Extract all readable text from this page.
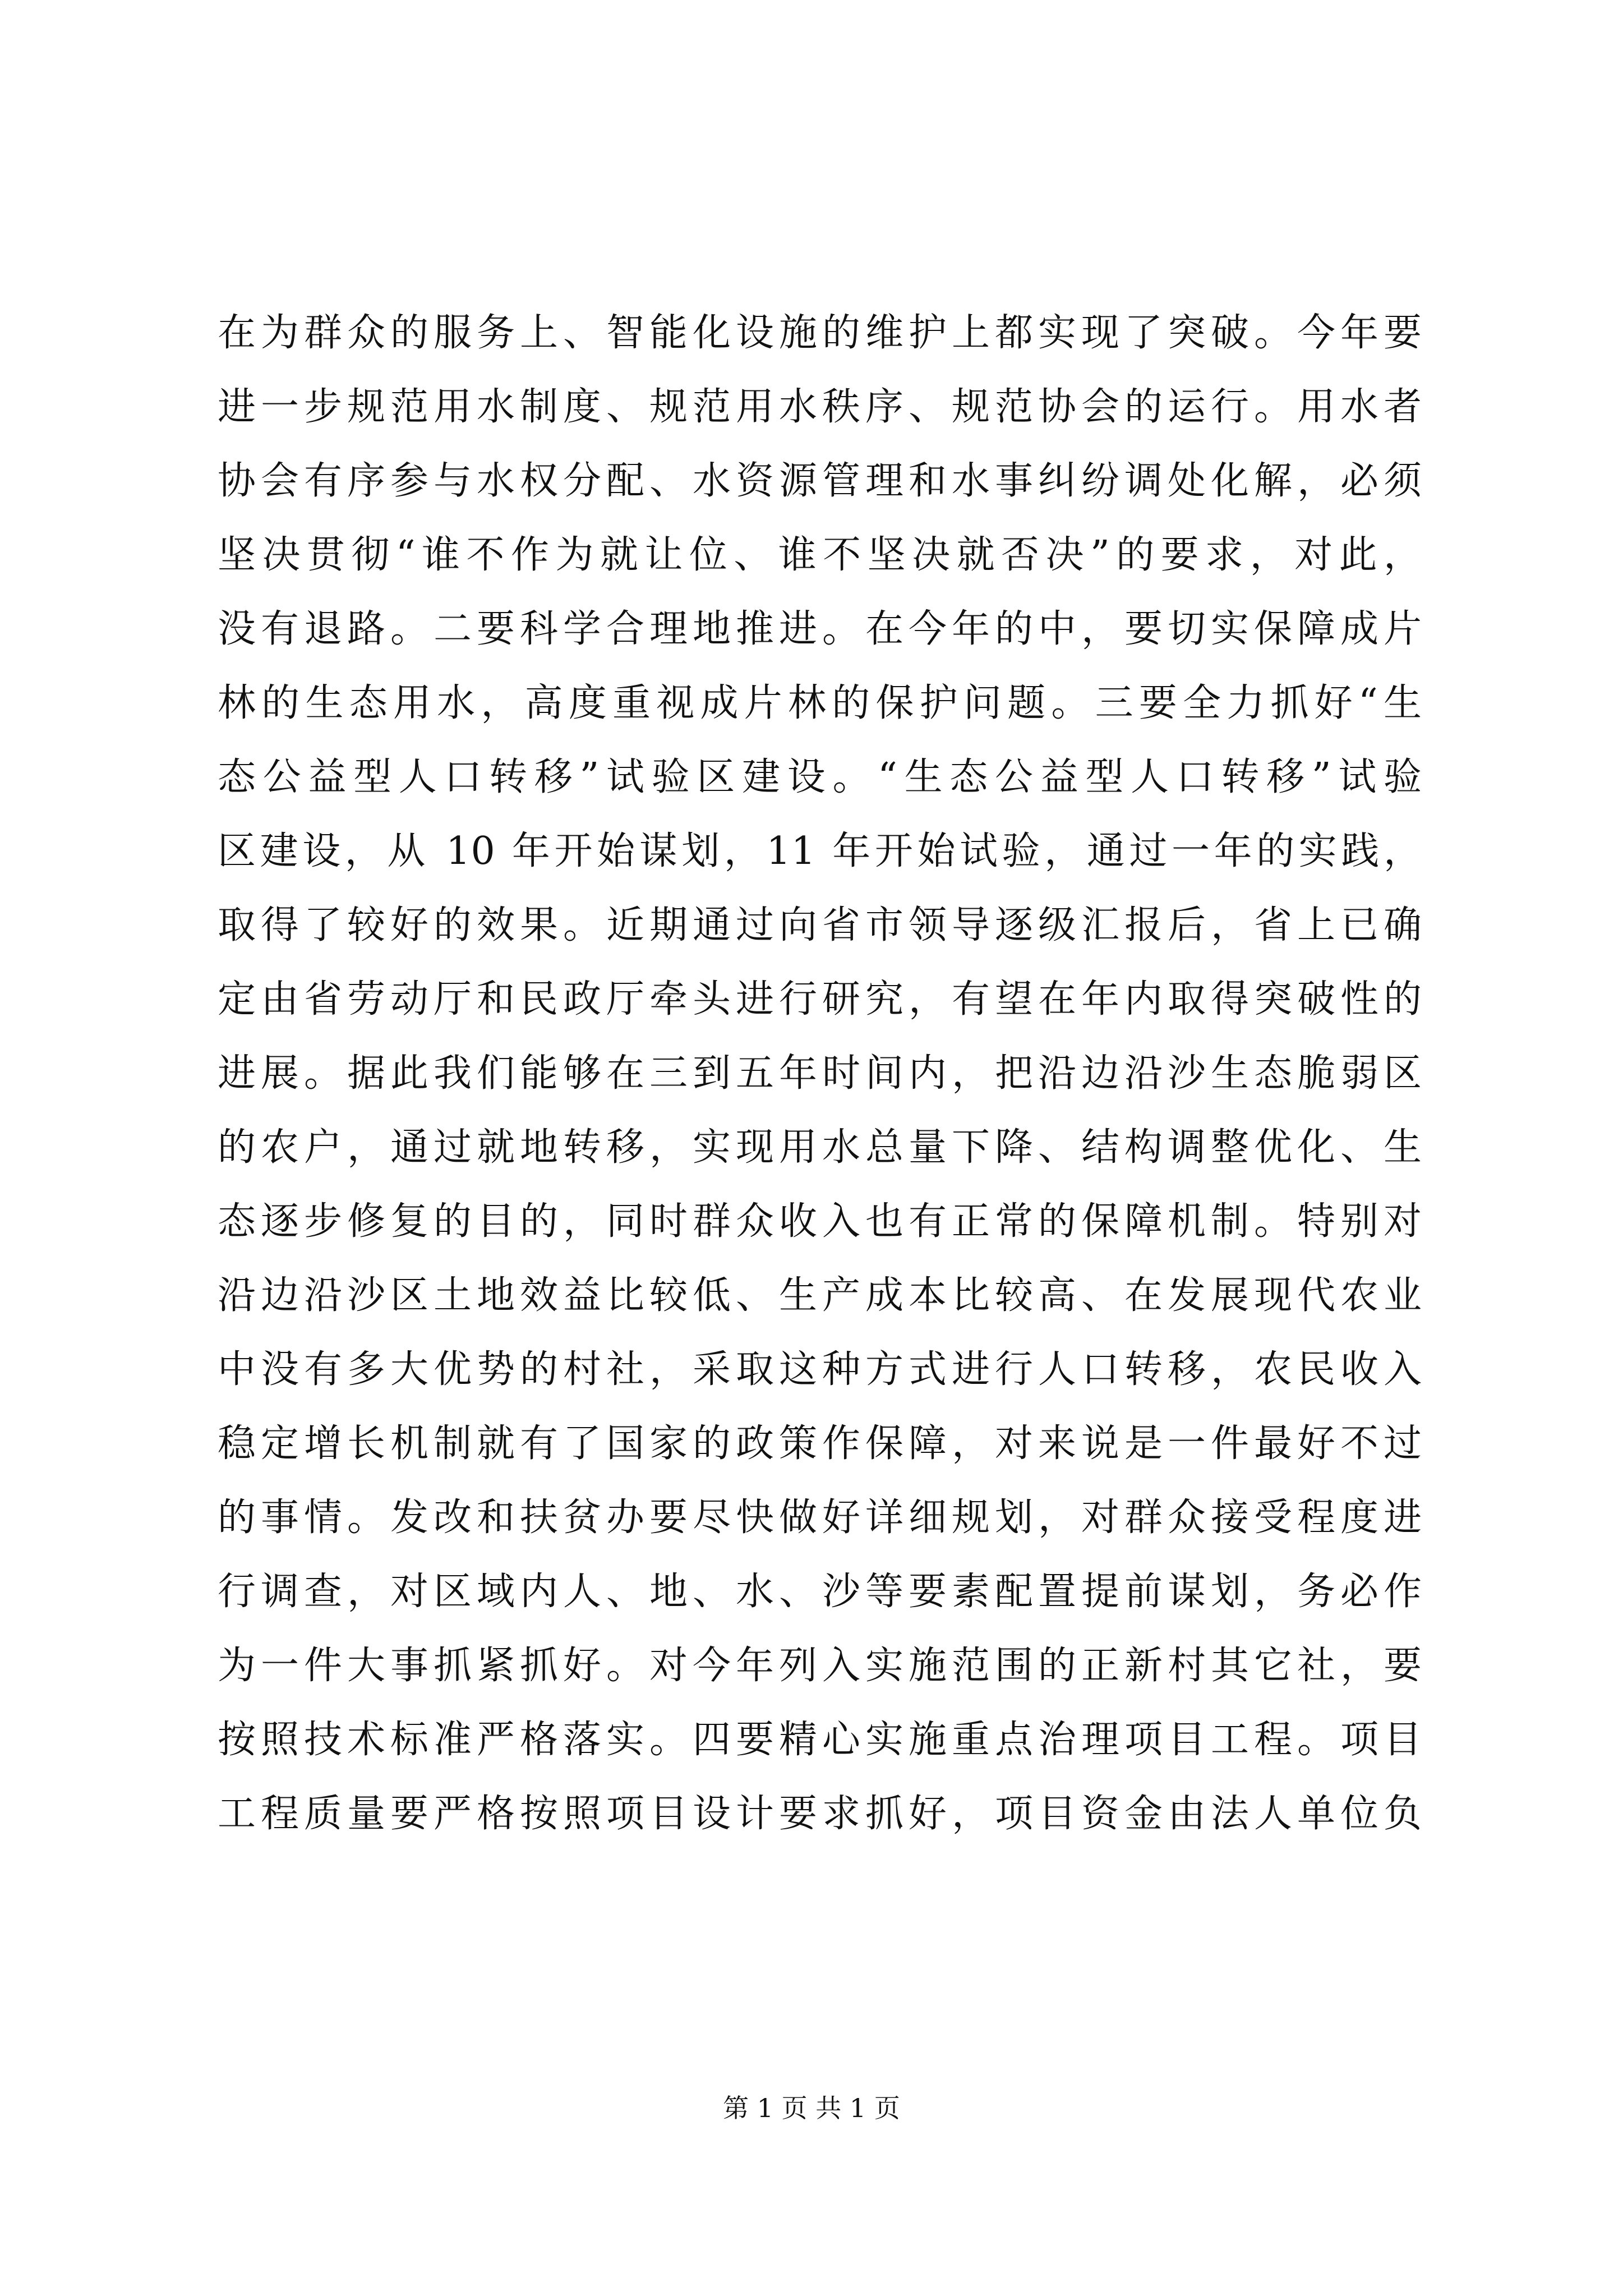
在为群众的服务上、智能化设施的维护上都实现了突破。今年要
进一步规范用水制度、规范用水秩序、规范协会的运行。用水者
协会有序参与水权分配、水资源管理和水事纠纷调处化解，必须
坚决贯彻“谁不作为就让位、谁不坚决就否决”的要求，对此，
没有退路。二要科学合理地推进。在今年的中，要切实保障成片
林的生态用水，高度重视成片林的保护问题。三要全力抓好“生
态公益型人口转移”试验区建设。“生态公益型人口转移”试验
区建设，从 10 年开始谋划，11 年开始试验，通过一年的实践，
取得了较好的效果。近期通过向省市领导逐级汇报后，省上已确
定由省劳动厅和民政厅牵头进行研究，有望在年内取得突破性的
进展。据此我们能够在三到五年时间内，把沿边沿沙生态脆弱区
的农户，通过就地转移，实现用水总量下降、结构调整优化、生
态逐步修复的目的，同时群众收入也有正常的保障机制。特别对
沿边沿沙区土地效益比较低、生产成本比较高、在发展现代农业
中没有多大优势的村社，采取这种方式进行人口转移，农民收入
稳定增长机制就有了国家的政策作保障，对来说是一件最好不过
的事情。发改和扶贫办要尽快做好详细规划，对群众接受程度进
行调查，对区域内人、地、水、沙等要素配置提前谋划，务必作
为一件大事抓紧抓好。对今年列入实施范围的正新村其它社，要
按照技术标准严格落实。四要精心实施重点治理项目工程。项目
工程质量要严格按照项目设计要求抓好，项目资金由法人单位负
第 1 页 共 1 页
